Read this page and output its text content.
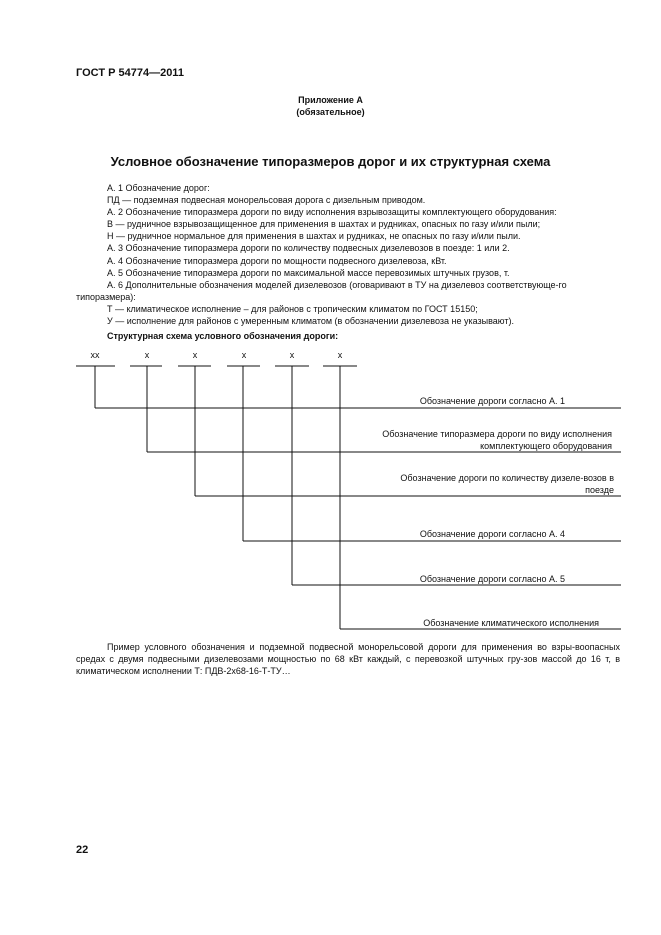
ГОСТ Р 54774—2011
Приложение А
(обязательное)
Условное обозначение типоразмеров дорог и их структурная схема

А. 1 Обозначение дорог:

ПД — подземная подвесная монорельсовая дорога с дизельным приводом.

А. 2 Обозначение типоразмера дороги по виду исполнения взрывозащиты комплектующего оборудования:

В — рудничное взрывозащищенное для применения в шахтах и рудниках, опасных по газу и/или пыли;

Н — рудничное нормальное для применения в шахтах и рудниках, не опасных по газу и/или пыли.

А. 3 Обозначение типоразмера дороги по количеству подвесных дизелевозов в поезде: 1 или 2.

А. 4 Обозначение типоразмера дороги по мощности подвесного дизелевоза, кВт.

А. 5 Обозначение типоразмера дороги по максимальной массе перевозимых штучных грузов, т.

А. 6 Дополнительные обозначения моделей дизелевозов (оговаривают в ТУ на дизелевоз соответствующе-го типоразмера):

Т — климатическое исполнение – для районов с тропическим климатом по ГОСТ 15150;

У — исполнение для районов с умеренным климатом (в обозначении дизелевоза не указывают).

Структурная схема условного обозначения дороги:
хх	х	х	х	х	х
Обозначение дороги согласно А. 1
Обозначение типоразмера дороги по виду исполнения комплектующего оборудования
Обозначение дороги по количеству дизеле-возов в поезде
Обозначение дороги согласно А. 4
Обозначение дороги согласно А. 5
Обозначение климатического исполнения

Пример условного обозначения и подземной подвесной монорельсовой дороги для применения во взры-воопасных средах с двумя подвесными дизелевозами мощностью по 68 кВт каждый, с перевозкой штучных гру-зов массой до 16 т, в климатическом исполнении Т: ПДВ-2х68-16-Т-ТУ…

22
